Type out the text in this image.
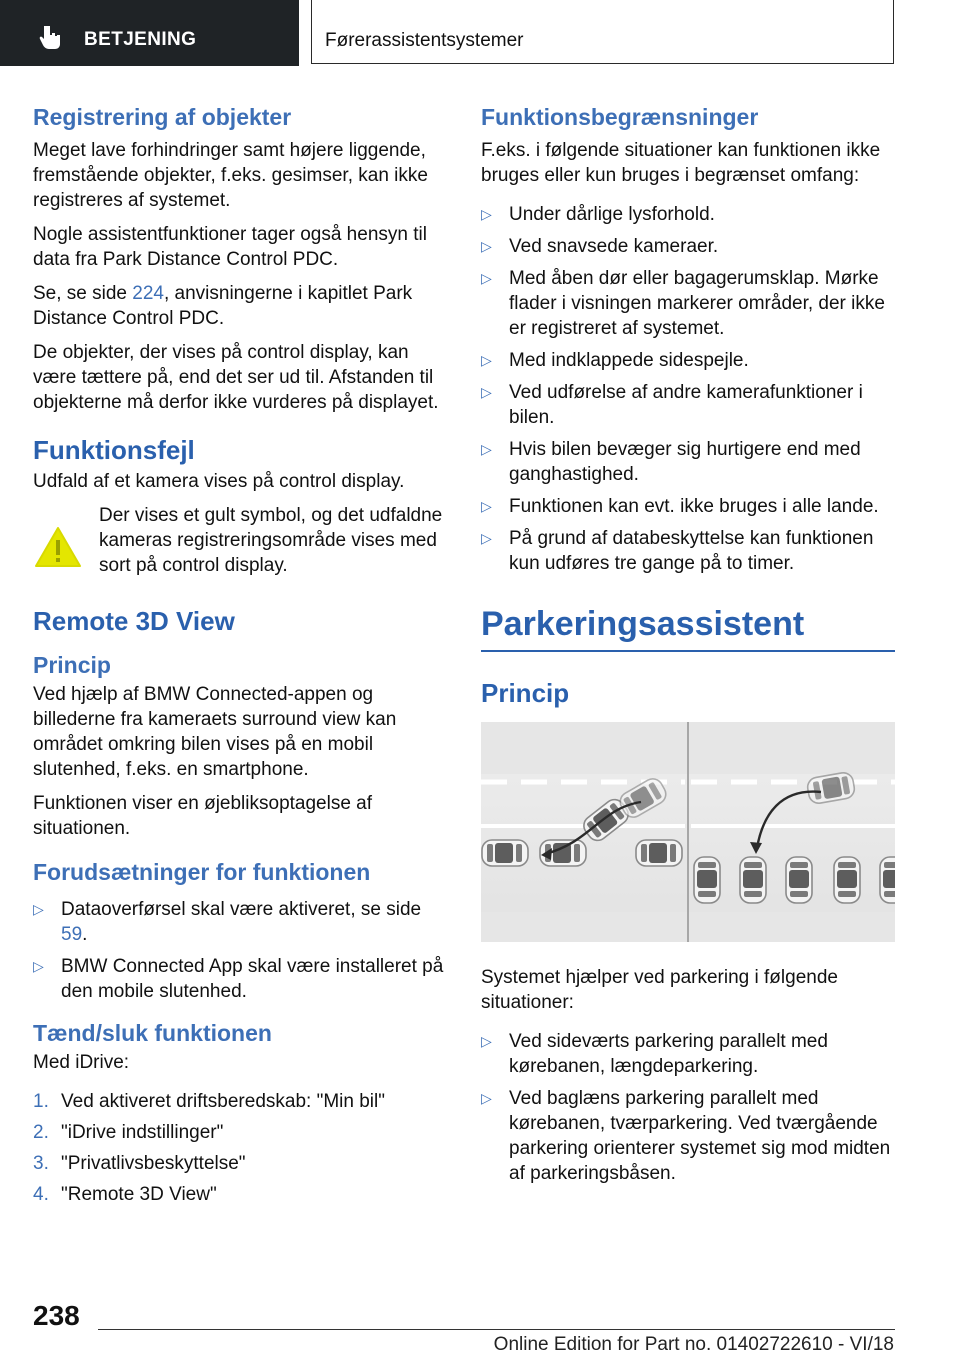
BETJENING	Førerassistentsystemer
Registrering af objekter

Meget lave forhindringer samt højere liggende, fremstående objekter, f.eks. gesimser, kan ikke registreres af systemet.

Nogle assistentfunktioner tager også hensyn til data fra Park Distance Control PDC.

Se, se side 224, anvisningerne i kapitlet Park Distance Control PDC.

De objekter, der vises på control display, kan være tættere på, end det ser ud til. Afstanden til objekterne må derfor ikke vurderes på displayet.

Funktionsfejl

Udfald af et kamera vises på control display.

Der vises et gult symbol, og det udfaldne kameras registreringsområde vises med sort på control display.

Remote 3D View
Princip

Ved hjælp af BMW Connected-appen og billederne fra kameraets surround view kan området omkring bilen vises på en mobil slutenhed, f.eks. en smartphone.

Funktionen viser en øjebliksoptagelse af situationen.

Forudsætninger for funktionen
▷ Dataoverførsel skal være aktiveret, se side 59.
▷ BMW Connected App skal være installeret på den mobile slutenhed.
Tænd/sluk funktionen

Med iDrive:

1. Ved aktiveret driftsberedskab: "Min bil"
2. "iDrive indstillinger"
3. "Privatlivsbeskyttelse"
4. "Remote 3D View"
Funktionsbegrænsninger

F.eks. i følgende situationer kan funktionen ikke bruges eller kun bruges i begrænset omfang:

▷ Under dårlige lysforhold.
▷ Ved snavsede kameraer.
▷ Med åben dør eller bagagerumsklap. Mørke flader i visningen markerer områder, der ikke er registreret af systemet.
▷ Med indklappede sidespejle.
▷ Ved udførelse af andre kamerafunktioner i bilen.
▷ Hvis bilen bevæger sig hurtigere end med ganghastighed.
▷ Funktionen kan evt. ikke bruges i alle lande.
▷ På grund af databeskyttelse kan funktionen kun udføres tre gange på to timer.
Parkeringsassistent
Princip

Systemet hjælper ved parkering i følgende situationer:

▷ Ved sideværts parkering parallelt med kørebanen, længdeparkering.
▷ Ved baglæns parkering parallelt med kørebanen, tværparkering. Ved tværgående parkering orienterer systemet sig mod midten af parkeringsbåsen.
238
Online Edition for Part no. 01402722610 - VI/18
